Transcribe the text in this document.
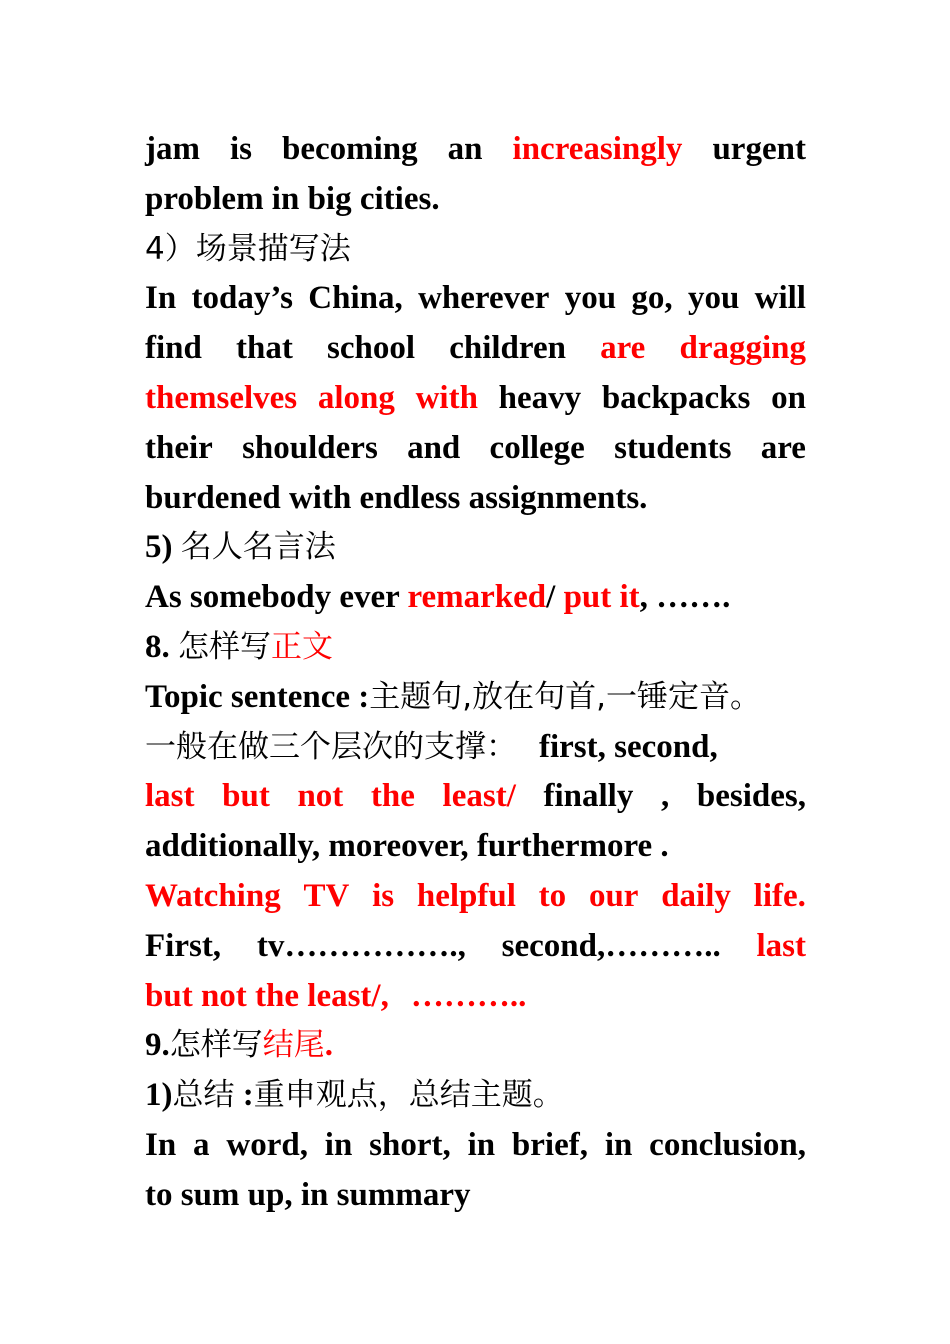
jam is becoming an increasingly urgent
problem in big cities.
4）场景描写法
In today’s China, wherever you go, you will
find that school children are dragging
themselves along with heavy backpacks on
their shoulders and college students are
burdened with endless assignments.
5) 名人名言法
As somebody ever remarked/ put it, …….
8. 怎样写正文
Topic sentence :主题句,放在句首,一锤定音。
一般在做三个层次的支撑： first, second,
last but not the least/ finally , besides,
additionally, moreover, furthermore .
Watching TV is helpful to our daily life.
First, tv……………., second,……….. last
but not the least/, ………..
9.怎样写结尾.
1)总结 :重申观点，总结主题。
In a word, in short, in brief, in conclusion,
to sum up, in summary
